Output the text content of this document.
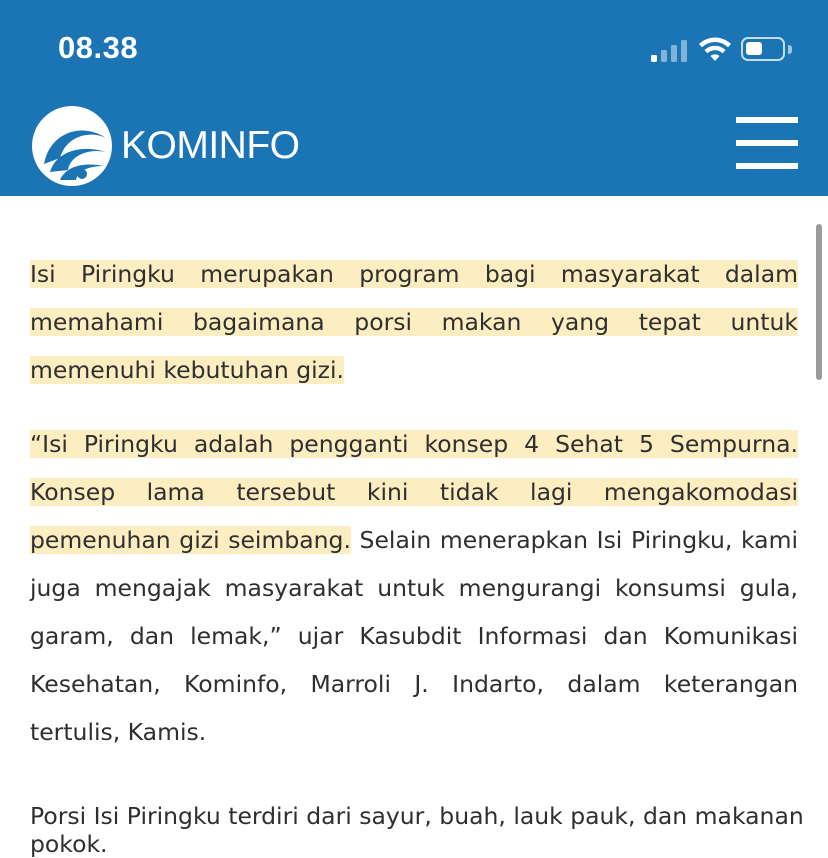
08.38
KOMINFO

Isi Piringku merupakan program bagi masyarakat dalam memahami bagaimana porsi makan yang tepat untuk memenuhi kebutuhan gizi.

“Isi Piringku adalah pengganti konsep 4 Sehat 5 Sempurna. Konsep lama tersebut kini tidak lagi mengakomodasi pemenuhan gizi seimbang. Selain menerapkan Isi Piringku, kami juga mengajak masyarakat untuk mengurangi konsumsi gula, garam, dan lemak,” ujar Kasubdit Informasi dan Komunikasi Kesehatan, Kominfo, Marroli J. Indarto, dalam keterangan tertulis, Kamis.

Porsi Isi Piringku terdiri dari sayur, buah, lauk pauk, dan makanan pokok.
